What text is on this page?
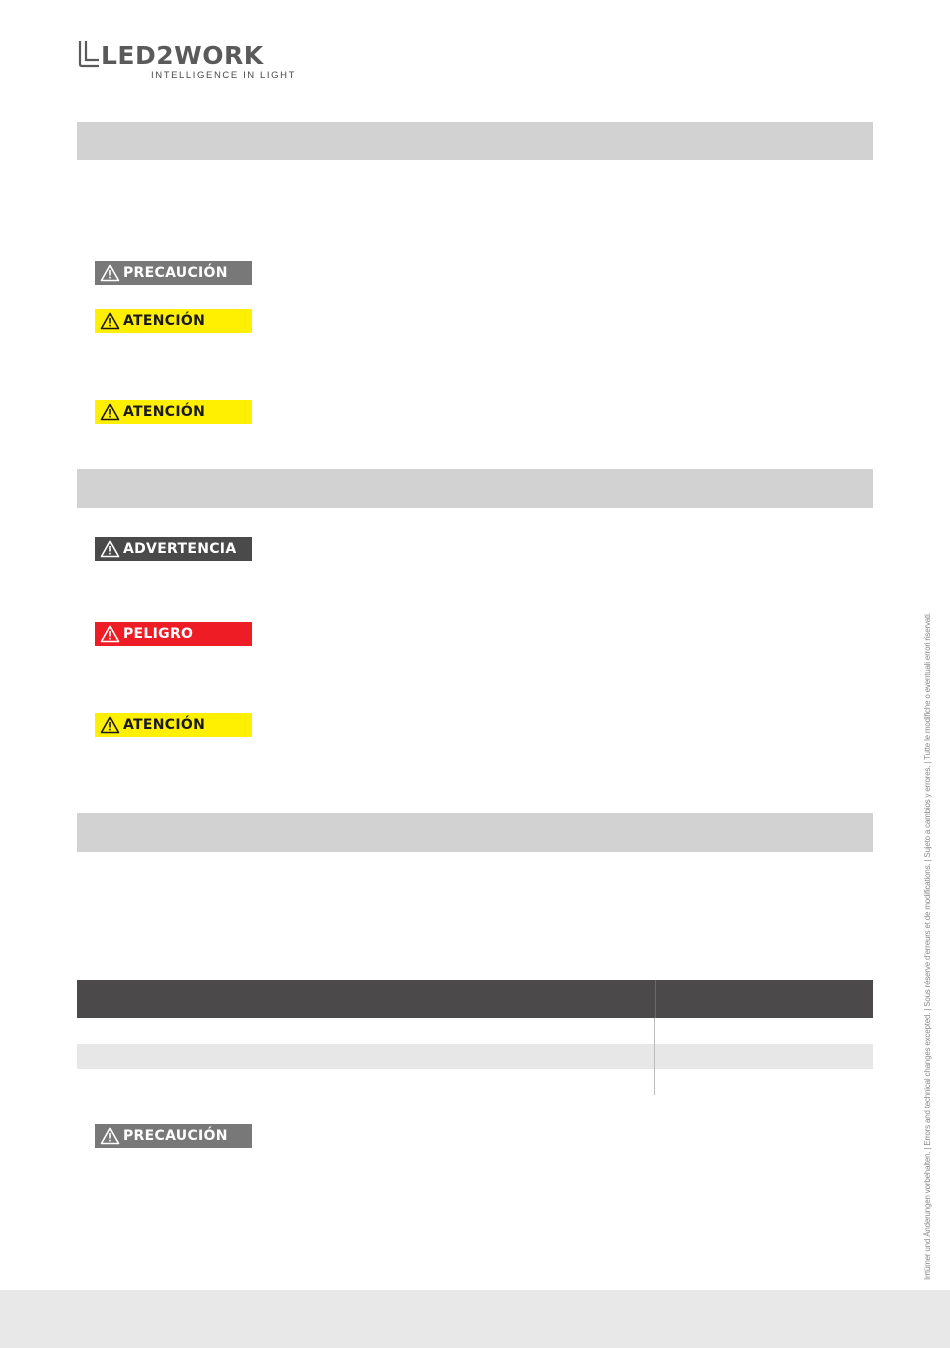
LED2WORK
INTELLIGENCE IN LIGHT
PRECAUCIÓN
ATENCIÓN
ATENCIÓN
ADVERTENCIA
PELIGRO
ATENCIÓN
PRECAUCIÓN	Irrtümer und Änderungen vorbehalten. | Errors and technical changes excepted. | Sous réserve d'erreurs et de modifications. | Sujeto a cambios y errores. | Tutte le modifiche o eventuali errori riservati.
